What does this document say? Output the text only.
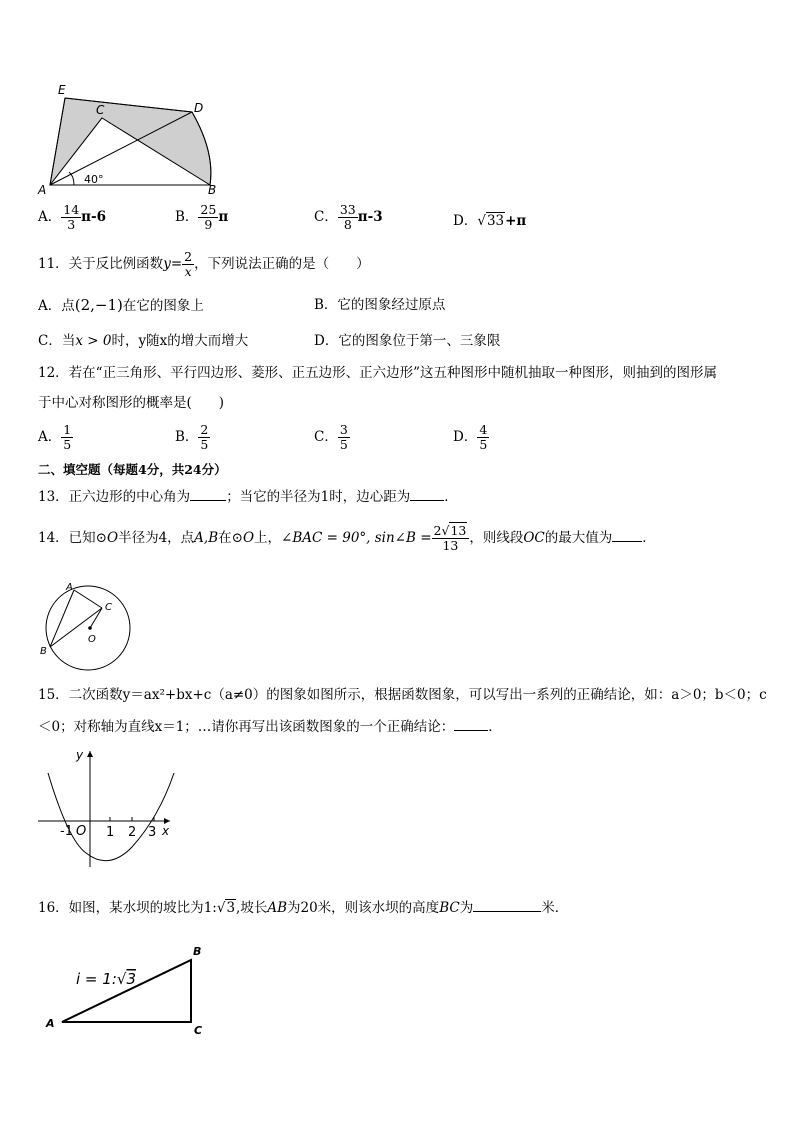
E
C	D
A	B
40°
A． $\frac{14}{3} \pi-6$	B． $\frac{25}{9}$ π	C． $\frac{33}{8} \pi-3$	D．√33+π
11．关于反比例函数$y= \frac{2}{x}$ ，下列说法正确的是（　　）
A．点(2,−1)在它的图象上	B．它的图象经过原点
C．当x > 0时，y随x的增大而增大	D．它的图象位于第一、三象限
12．若在“正三角形、平行四边形、菱形、正五边形、正六边形”这五种图形中随机抽取一种图形，则抽到的图形属
于中心对称图形的概率是(　　)
A． $\frac{1}{5}$	B． $\frac{2}{5}$	C． $\frac{3}{5}$	D． $\frac{4}{5}$
二、填空题（每题4分，共24分）
13．正六边形的中心角为	；当它的半径为1时，边心距为	．
14．已知⊙O半径为4，点A,B在⊙O上，∠BAC = 90°, sin∠B = $\frac{2√13}{13}$ ，则线段OC的最大值为 ．
A
B
C
O
15．二次函数y＝ax²+bx+c（a≠0）的图象如图所示，根据函数图象，可以写出一系列的正确结论，如：a＞0；b＜0；c
＜0；对称轴为直线x＝1；…请你再写出该函数图象的一个正确结论：	．
y
x
-1 O 1 2 3
16．如图，某水坝的坡比为1:√3,坡长AB为20米，则该水坝的高度BC为	米．
i = 1:√3
A
B
C
